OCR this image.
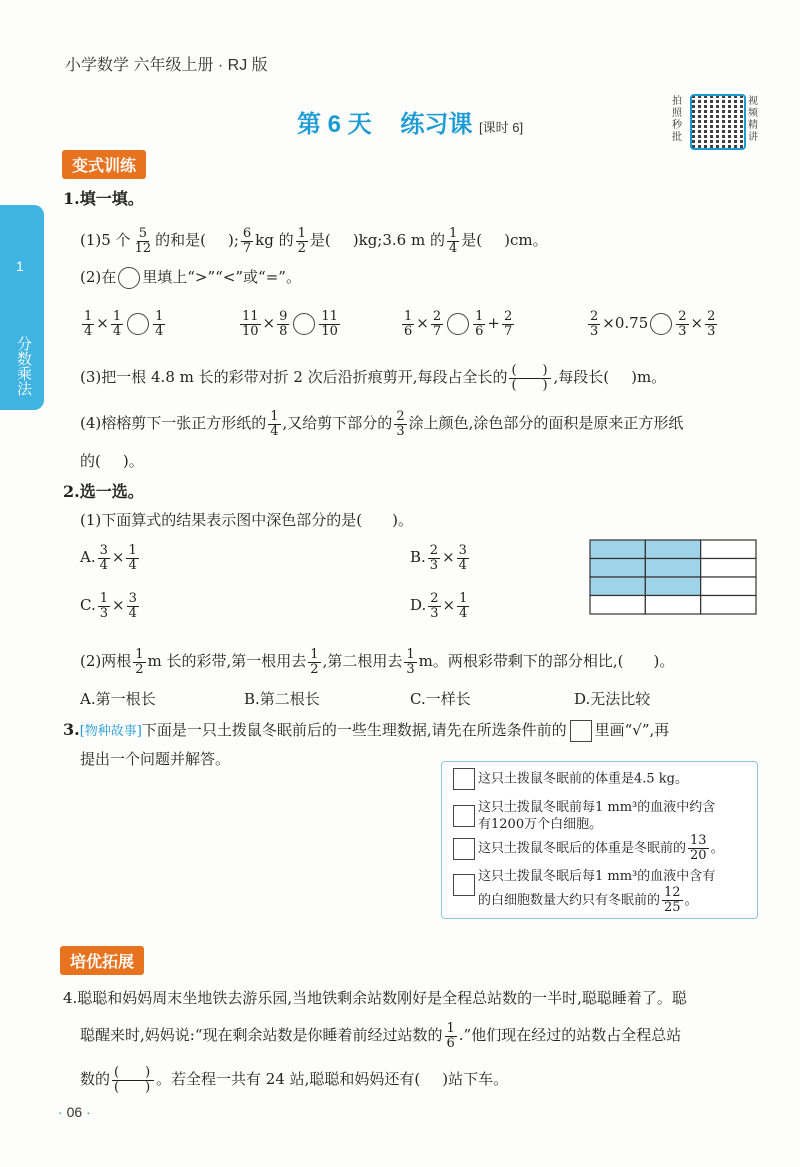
小学数学 六年级上册 · RJ 版
第 6 天 练习课 [课时 6]
拍照秒批
视频精讲
1
分数乘法
变式训练
1.填一填。
(1)5 个 $\frac{5}{12}$ 的和是( ); $\frac{6}{7}$ kg 的 $\frac{1}{2}$ 是( )kg;3.6 m 的 $\frac{1}{4}$ 是( )cm。
(2)在 里填上“>”“<”或“=”。
$\frac{1}{4} \times \frac{1}{4} \frac{1}{4}$	$\frac{11}{10} \times \frac{9}{8} \frac{11}{10}$	$\frac{1}{6} \times \frac{2}{7} \frac{1}{6} + \frac{2}{7}$	$\frac{2}{3} \times 0.75 \frac{2}{3} \times \frac{2}{3}$
(3)把一根 4.8 m 长的彩带对折 2 次后沿折痕剪开,每段占全长的 $\frac{( )}{( )}$ ,每段长( )m。
(4)榕榕剪下一张正方形纸的 $\frac{1}{4}$ ,又给剪下部分的 $\frac{2}{3}$ 涂上颜色,涂色部分的面积是原来正方形纸
的( )。
2.选一选。
(1)下面算式的结果表示图中深色部分的是(　　)。
A. $\frac{3}{4} \times \frac{1}{4}$	B. $\frac{2}{3} \times \frac{3}{4}$
C. $\frac{1}{3} \times \frac{3}{4}$	D. $\frac{2}{3} \times \frac{1}{4}$
(2)两根 $\frac{1}{2}$ m 长的彩带,第一根用去 $\frac{1}{2}$ ,第二根用去 $\frac{1}{3}$ m。两根彩带剩下的部分相比,(　　)。
A.第一根长	B.第二根长	C.一样长	D.无法比较
3.[物种故事]下面是一只土拨鼠冬眠前后的一些生理数据,请先在所选条件前的 里画“√”,再
提出一个问题并解答。
这只土拨鼠冬眠前的体重是4.5 kg。
这只土拨鼠冬眠前每1 mm³的血液中约含
有1200万个白细胞。
这只土拨鼠冬眠后的体重是冬眠前的 $\frac{13}{20}$ 。
这只土拨鼠冬眠后每1 mm³的血液中含有
的白细胞数量大约只有冬眠前的 $\frac{12}{25}$ 。
培优拓展
4.聪聪和妈妈周末坐地铁去游乐园,当地铁剩余站数刚好是全程总站数的一半时,聪聪睡着了。聪
聪醒来时,妈妈说:“现在剩余站数是你睡着前经过站数的 $\frac{1}{6}$ .”他们现在经过的站数占全程总站
数的 $\frac{( )}{( )}$ 。若全程一共有 24 站,聪聪和妈妈还有( )站下车。
· 06 ·
